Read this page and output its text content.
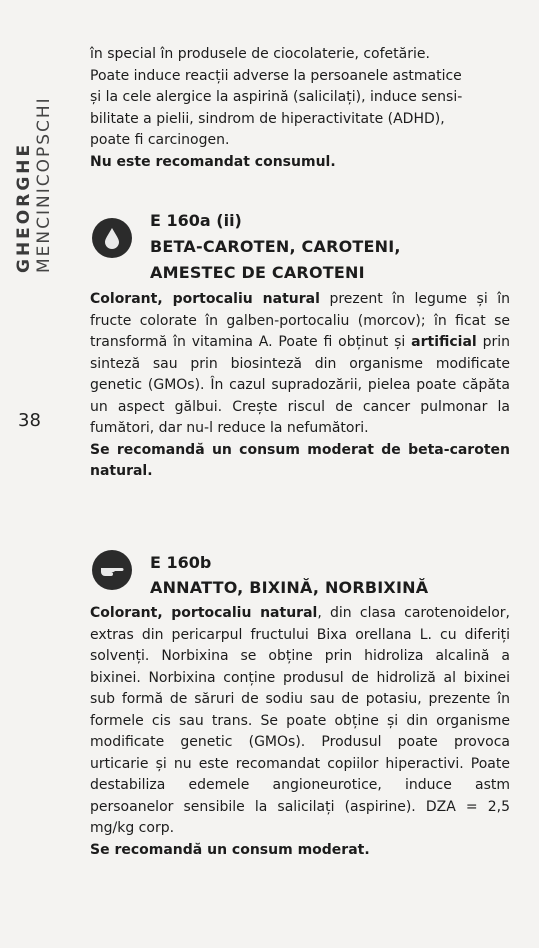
GHEORGHE MENCINICOPSCHI
38

în special în produsele de ciocolaterie, cofetărie.

Poate induce reacții adverse la persoanele astmatice

și la cele alergice la aspirină (salicilați), induce sensi-

bilitate a pielii, sindrom de hiperactivitate (ADHD),

poate fi carcinogen.

Nu este recomandat consumul.

E 160a (ii)
BETA-CAROTEN, CAROTENI,
AMESTEC DE CAROTENI

Colorant, portocaliu natural prezent în legume și în fructe colorate în galben-portocaliu (morcov); în ficat se transformă în vitamina A. Poate fi obținut și artificial prin sinteză sau prin biosinteză din organisme modificate genetic (GMOs). În cazul supradozării, pielea poate căpăta un aspect gălbui. Crește riscul de cancer pulmonar la fumători, dar nu-l reduce la nefumători.

Se recomandă un consum moderat de beta-caroten natural.

E 160b
ANNATTO, BIXINĂ, NORBIXINĂ

Colorant, portocaliu natural, din clasa carotenoidelor, extras din pericarpul fructului Bixa orellana L. cu diferiți solvenți. Norbixina se obține prin hidroliza alcalină a bixinei. Norbixina conține produsul de hidroliză al bixinei sub formă de săruri de sodiu sau de potasiu, prezente în formele cis sau trans. Se poate obține și din organisme modificate genetic (GMOs). Produsul poate provoca urticarie și nu este recomandat copiilor hiperactivi. Poate destabiliza edemele angioneurotice, induce astm persoanelor sensibile la salicilați (aspirine). DZA = 2,5 mg/kg corp.

Se recomandă un consum moderat.
